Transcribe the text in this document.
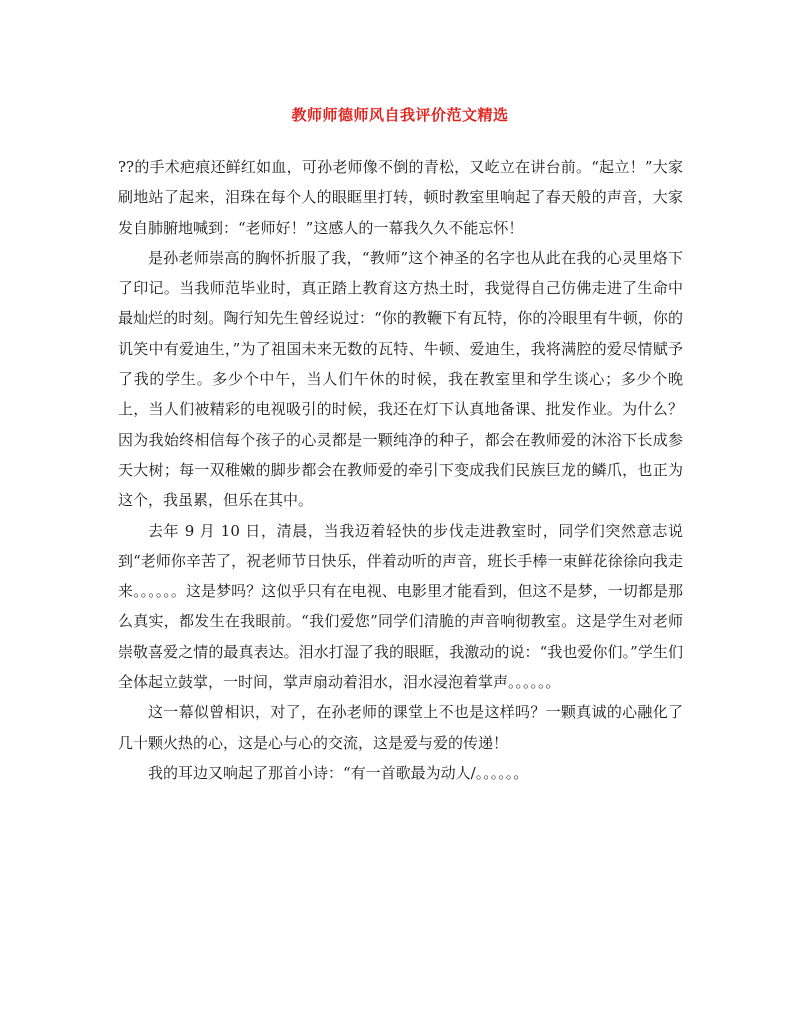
教师师德师风自我评价范文精选

??的手术疤痕还鲜红如血，可孙老师像不倒的青松，又屹立在讲台前。“起立！”大家刷地站了起来，泪珠在每个人的眼眶里打转，顿时教室里响起了春天般的声音，大家发自肺腑地喊到：“老师好！”这感人的一幕我久久不能忘怀！

是孙老师崇高的胸怀折服了我，“教师”这个神圣的名字也从此在我的心灵里烙下了印记。当我师范毕业时，真正踏上教育这方热土时，我觉得自己仿佛走进了生命中最灿烂的时刻。陶行知先生曾经说过：“你的教鞭下有瓦特，你的冷眼里有牛顿，你的讥笑中有爱迪生，”为了祖国未来无数的瓦特、牛顿、爱迪生，我将满腔的爱尽情赋予了我的学生。多少个中午，当人们午休的时候，我在教室里和学生谈心；多少个晚上，当人们被精彩的电视吸引的时候，我还在灯下认真地备课、批发作业。为什么？因为我始终相信每个孩子的心灵都是一颗纯净的种子，都会在教师爱的沐浴下长成参天大树；每一双稚嫩的脚步都会在教师爱的牵引下变成我们民族巨龙的鳞爪，也正为这个，我虽累，但乐在其中。

去年 9 月 10 日，清晨，当我迈着轻快的步伐走进教室时，同学们突然意志说到“老师你辛苦了，祝老师节日快乐，伴着动听的声音，班长手棒一束鲜花徐徐向我走来。。。。。。这是梦吗？这似乎只有在电视、电影里才能看到，但这不是梦，一切都是那么真实，都发生在我眼前。“我们爱您”同学们清脆的声音响彻教室。这是学生对老师崇敬喜爱之情的最真表达。泪水打湿了我的眼眶，我激动的说：“我也爱你们。”学生们全体起立鼓掌，一时间，掌声扇动着泪水，泪水浸泡着掌声。。。。。。

这一幕似曾相识，对了，在孙老师的课堂上不也是这样吗？一颗真诚的心融化了几十颗火热的心，这是心与心的交流，这是爱与爱的传递！

我的耳边又响起了那首小诗：“有一首歌最为动人/。。。。。。
